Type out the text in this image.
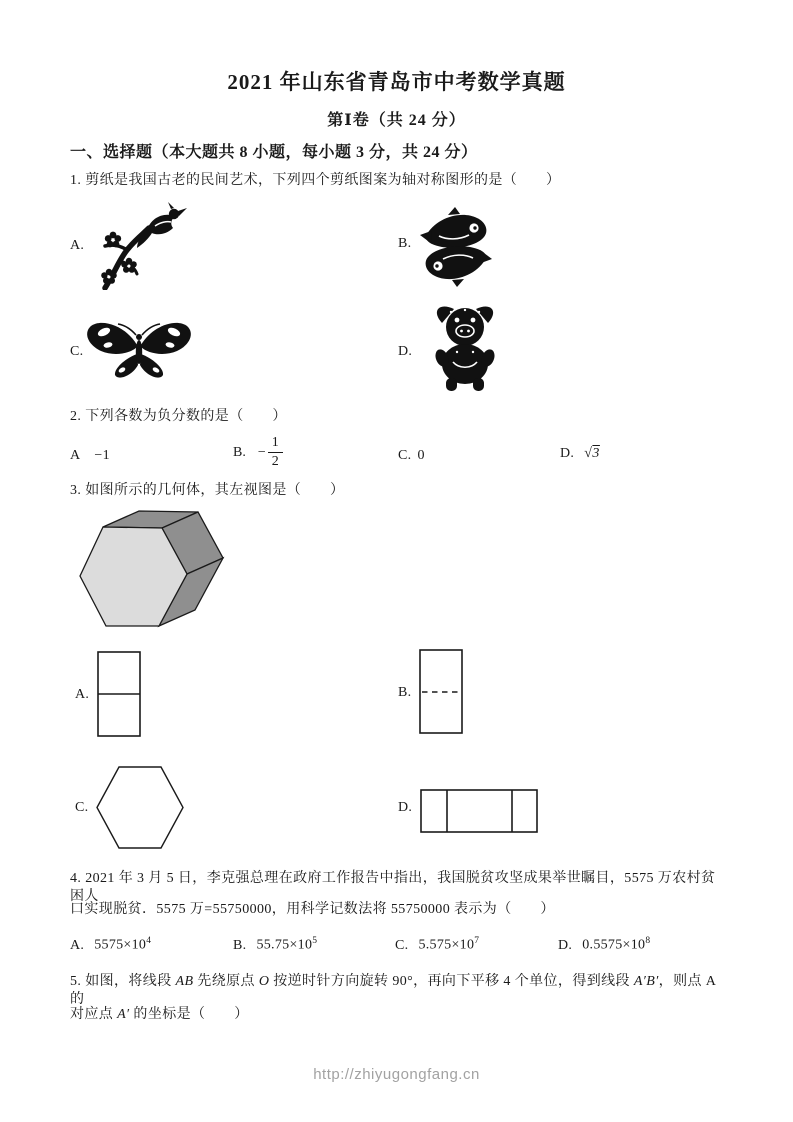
2021 年山东省青岛市中考数学真题
第Ⅰ卷（共 24 分）
一、选择题（本大题共 8 小题，每小题 3 分，共 24 分）

1. 剪纸是我国古老的民间艺术，下列四个剪纸图案为轴对称图形的是（　　）

A.	B.
C.	D.

2. 下列各数为负分数的是（　　）

A −1	B. − $\frac{1}{2}$	C. 0	D. √3

3. 如图所示的几何体，其左视图是（　　）

A.	B.
C.	D.

4. 2021 年 3 月 5 日，李克强总理在政府工作报告中指出，我国脱贫攻坚成果举世瞩目，5575 万农村贫困人

口实现脱贫．5575 万=55750000，用科学记数法将 55750000 表示为（　　）

A. $5575\times 10^4$	B. $55.75\times 10^5$	C. $5.575\times 10^7$	D. $0.5575\times 10^8$

5. 如图，将线段 AB 先绕原点 O 按逆时针方向旋转 90°，再向下平移 4 个单位，得到线段 A′B′，则点 A 的

对应点 A′ 的坐标是（　　）

http://zhiyugongfang.cn
